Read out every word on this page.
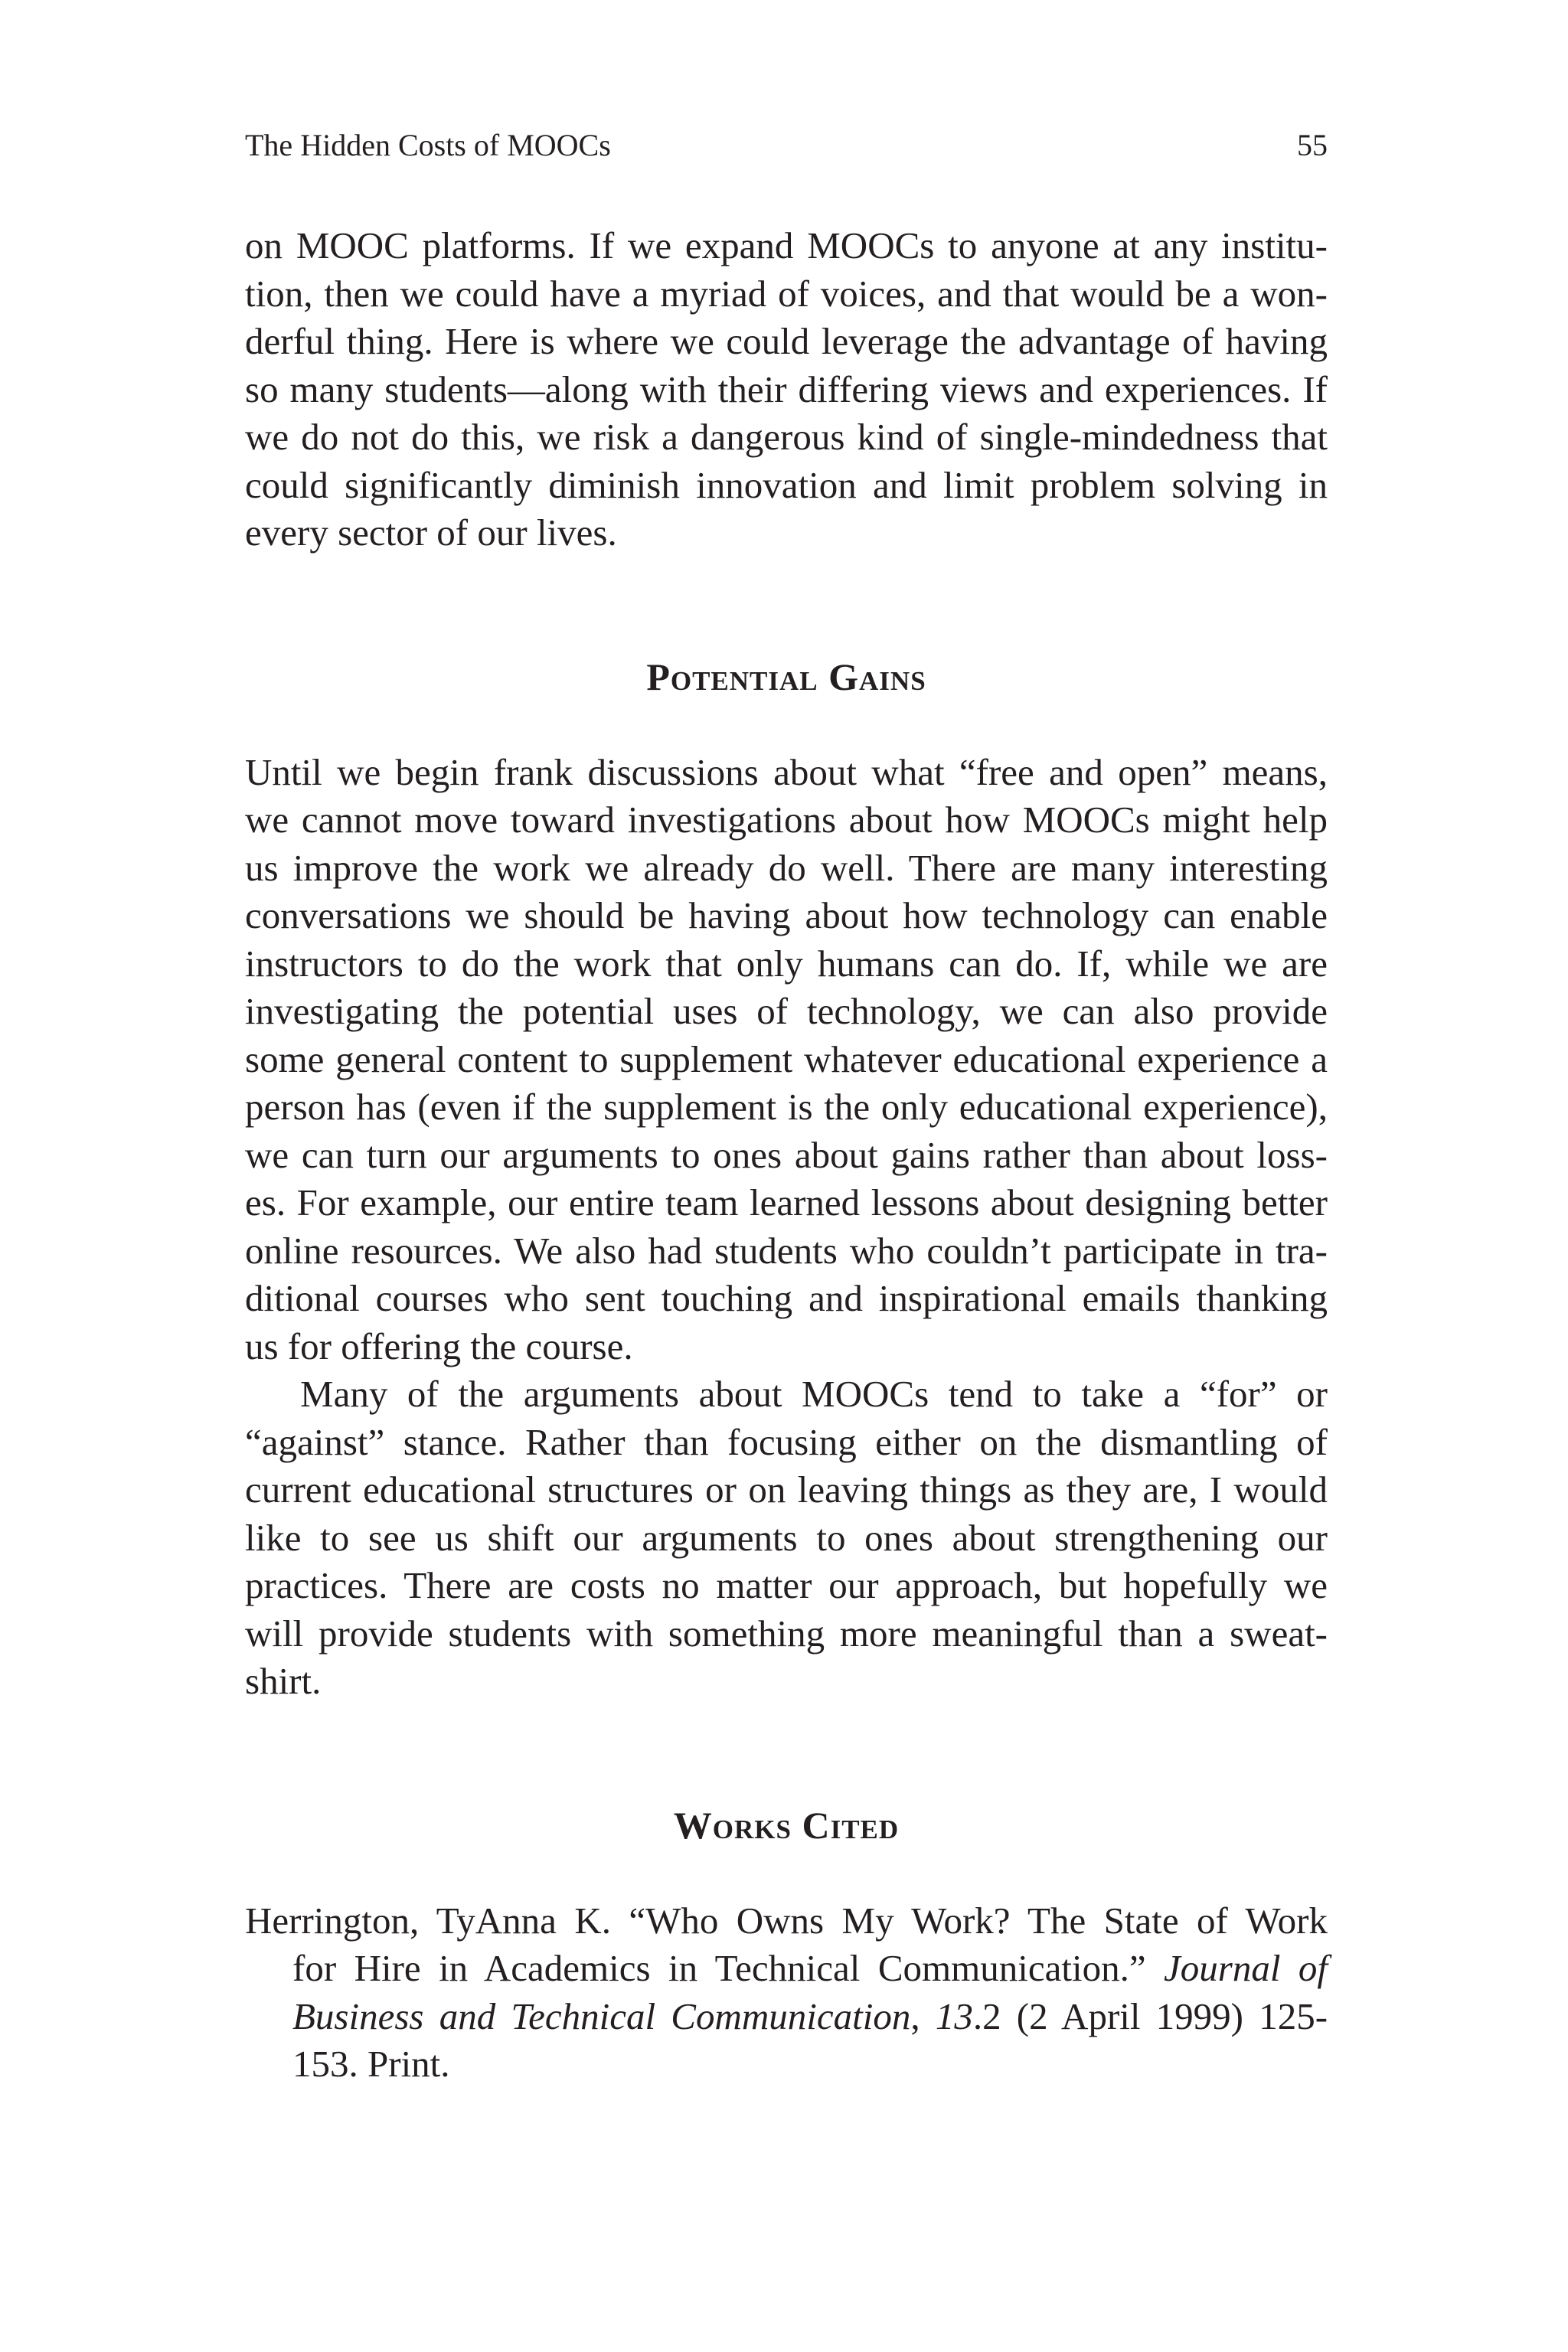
The Hidden Costs of MOOCs	55
on MOOC platforms. If we expand MOOCs to anyone at any institu-
tion, then we could have a myriad of voices, and that would be a won-
derful thing. Here is where we could leverage the advantage of having
so many students—along with their differing views and experiences. If
we do not do this, we risk a dangerous kind of single-mindedness that
could significantly diminish innovation and limit problem solving in
every sector of our lives.
Potential Gains
Until we begin frank discussions about what “free and open” means,
we cannot move toward investigations about how MOOCs might help
us improve the work we already do well. There are many interesting
conversations we should be having about how technology can enable
instructors to do the work that only humans can do. If, while we are
investigating the potential uses of technology, we can also provide
some general content to supplement whatever educational experience a
person has (even if the supplement is the only educational experience),
we can turn our arguments to ones about gains rather than about loss-
es. For example, our entire team learned lessons about designing better
online resources. We also had students who couldn’t participate in tra-
ditional courses who sent touching and inspirational emails thanking
us for offering the course.
Many of the arguments about MOOCs tend to take a “for” or
“against” stance. Rather than focusing either on the dismantling of
current educational structures or on leaving things as they are, I would
like to see us shift our arguments to ones about strengthening our
practices. There are costs no matter our approach, but hopefully we
will provide students with something more meaningful than a sweat-
shirt.
Works Cited
Herrington, TyAnna K. “Who Owns My Work? The State of Work
for Hire in Academics in Technical Communication.” Journal of
Business and Technical Communication, 13.2 (2 April 1999) 125-
153. Print.
